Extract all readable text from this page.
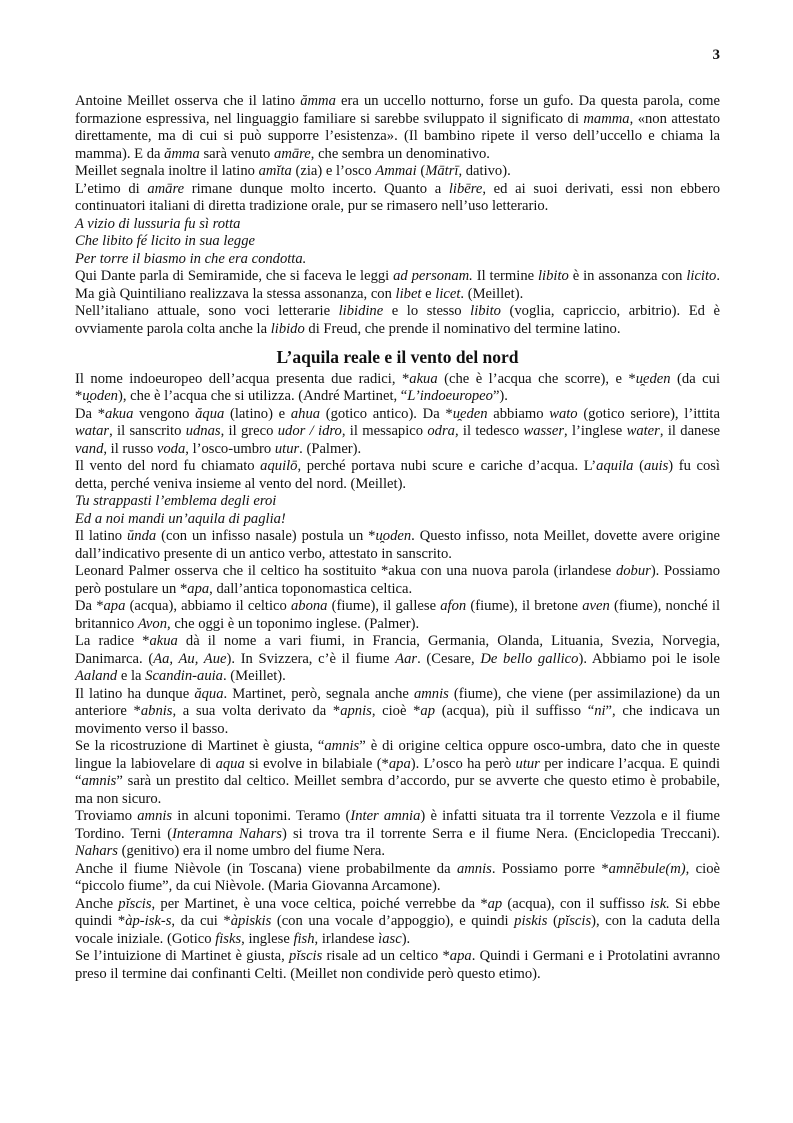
3

Antoine Meillet osserva che il latino ămma era un uccello notturno, forse un gufo. Da questa parola, come formazione espressiva, nel linguaggio familiare si sarebbe sviluppato il significato di mamma, «non attestato direttamente, ma di cui si può supporre l’esistenza». (Il bambino ripete il verso dell’uccello e chiama la mamma). E da ămma sarà venuto amāre, che sembra un denominativo.

Meillet segnala inoltre il latino amĭta (zia) e l’osco Ammai (Mātrī, dativo).

L’etimo di amāre rimane dunque molto incerto. Quanto a libēre, ed ai suoi derivati, essi non ebbero continuatori italiani di diretta tradizione orale, pur se rimasero nell’uso letterario.

A vizio di lussuria fu sì rotta

Che libito fé licito in sua legge

Per torre il biasmo in che era condotta.

Qui Dante parla di Semiramide, che si faceva le leggi ad personam. Il termine libito è in assonanza con licito. Ma già Quintiliano realizzava la stessa assonanza, con libet e licet. (Meillet).

Nell’italiano attuale, sono voci letterarie libidine e lo stesso libito (voglia, capriccio, arbitrio). Ed è ovviamente parola colta anche la libido di Freud, che prende il nominativo del termine latino.

L’aquila reale e il vento del nord

Il nome indoeuropeo dell’acqua presenta due radici, *akua (che è l’acqua che scorre), e *u̯eden (da cui *u̯oden), che è l’acqua che si utilizza. (André Martinet, “L’indoeuropeo”).

Da *akua vengono ăqua (latino) e ahua (gotico antico). Da *u̯eden abbiamo wato (gotico seriore), l’ittita watar, il sanscrito udnas, il greco udor / idro, il messapico odra, il tedesco wasser, l’inglese water, il danese vand, il russo voda, l’osco-umbro utur. (Palmer).

Il vento del nord fu chiamato aquilō, perché portava nubi scure e cariche d’acqua. L’aquila (auis) fu così detta, perché veniva insieme al vento del nord. (Meillet).

Tu strappasti l’emblema degli eroi

Ed a noi mandi un’aquila di paglia!

Il latino ŭnda (con un infisso nasale) postula un *u̯oden. Questo infisso, nota Meillet, dovette avere origine dall’indicativo presente di un antico verbo, attestato in sanscrito.

Leonard Palmer osserva che il celtico ha sostituito *akua con una nuova parola (irlandese dobur). Possiamo però postulare un *apa, dall’antica toponomastica celtica.

Da *apa (acqua), abbiamo il celtico abona (fiume), il gallese afon (fiume), il bretone aven (fiume), nonché il britannico Avon, che oggi è un toponimo inglese. (Palmer).

La radice *akua dà il nome a vari fiumi, in Francia, Germania, Olanda, Lituania, Svezia, Norvegia, Danimarca. (Aa, Au, Aue). In Svizzera, c’è il fiume Aar. (Cesare, De bello gallico). Abbiamo poi le isole Aaland e la Scandin-auia. (Meillet).

Il latino ha dunque ăqua. Martinet, però, segnala anche amnis (fiume), che viene (per assimilazione) da un anteriore *abnis, a sua volta derivato da *apnis, cioè *ap (acqua), più il suffisso “ni”, che indicava un movimento verso il basso.

Se la ricostruzione di Martinet è giusta, “amnis” è di origine celtica oppure osco-umbra, dato che in queste lingue la labiovelare di aqua si evolve in bilabiale (*apa). L’osco ha però utur per indicare l’acqua. E quindi “amnis” sarà un prestito dal celtico. Meillet sembra d’accordo, pur se avverte che questo etimo è probabile, ma non sicuro.

Troviamo amnis in alcuni toponimi. Teramo (Inter amnia) è infatti situata tra il torrente Vezzola e il fiume Tordino. Terni (Interamna Nahars) si trova tra il torrente Serra e il fiume Nera. (Enciclopedia Treccani). Nahars (genitivo) era il nome umbro del fiume Nera.

Anche il fiume Nièvole (in Toscana) viene probabilmente da amnis. Possiamo porre *amnĕbule(m), cioè “piccolo fiume”, da cui Nièvole. (Maria Giovanna Arcamone).

Anche pĭscis, per Martinet, è una voce celtica, poiché verrebbe da *ap (acqua), con il suffisso isk. Si ebbe quindi *àp-isk-s, da cui *àpiskis (con una vocale d’appoggio), e quindi piskis (pĭscis), con la caduta della vocale iniziale. (Gotico fisks, inglese fish, irlandese ìasc).

Se l’intuizione di Martinet è giusta, pĭscis risale ad un celtico *apa. Quindi i Germani e i Protolatini avranno preso il termine dai confinanti Celti. (Meillet non condivide però questo etimo).
